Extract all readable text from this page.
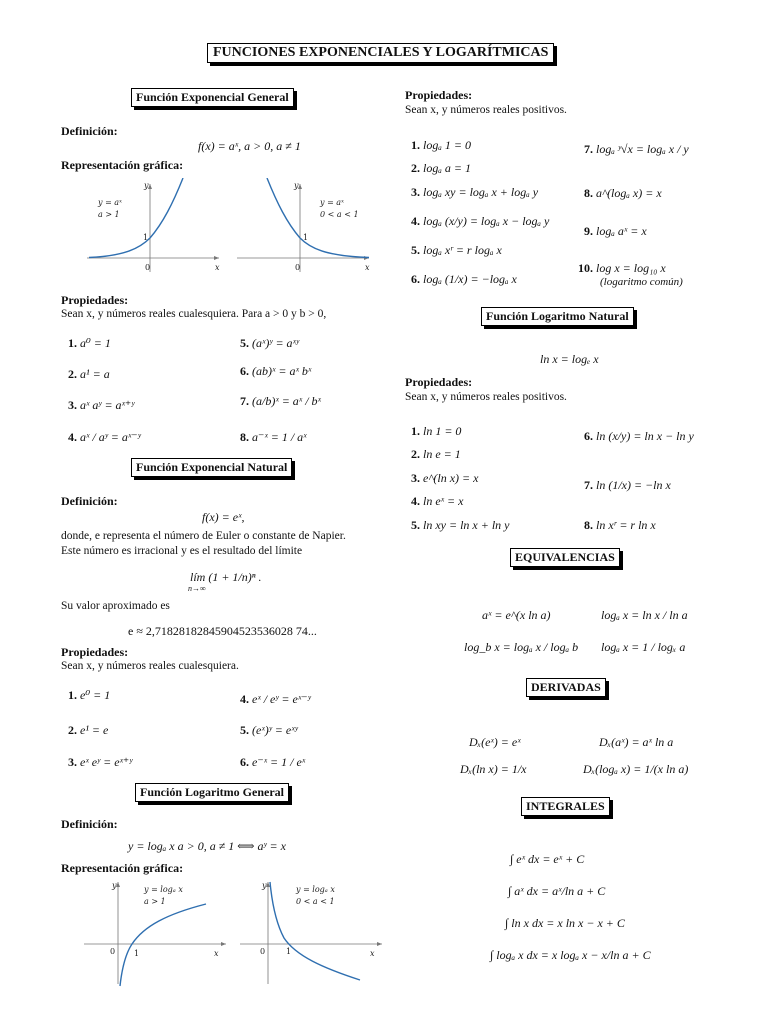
FUNCIONES EXPONENCIALES Y LOGARÍTMICAS
Función Exponencial General
Definición:
f(x) = aˣ, a > 0, a ≠ 1
Representación gráfica:
y = aˣ
a > 1
y
x
0
1
y = aˣ
0 < a < 1
y
x
0
1
Propiedades:
Sean x, y números reales cualesquiera. Para a > 0 y b > 0,
1. a⁰ = 1
2. a¹ = a
3. aˣ aʸ = aˣ⁺ʸ
4. aˣ / aʸ = aˣ⁻ʸ
5. (aˣ)ʸ = aˣʸ
6. (ab)ˣ = aˣ bˣ
7. (a/b)ˣ = aˣ / bˣ
8. a⁻ˣ = 1 / aˣ
Función Exponencial Natural
Definición:
f(x) = eˣ,
donde, e representa el número de Euler o constante de Napier.
Este número es irracional y es el resultado del límite
lím (1 + 1/n)ⁿ .
n→∞
Su valor aproximado es
e ≈ 2,71828182845904523536028 74...
Propiedades:
Sean x, y números reales cualesquiera.
1. e⁰ = 1
2. e¹ = e
3. eˣ eʸ = eˣ⁺ʸ
4. eˣ / eʸ = eˣ⁻ʸ
5. (eˣ)ʸ = eˣʸ
6. e⁻ˣ = 1 / eˣ
Función Logaritmo General
Definición:
y = logₐ x a > 0, a ≠ 1 ⟺ aʸ = x
Representación gráfica:
y = logₐ x
a > 1
y
x
0 1
y = logₐ x
0 < a < 1
y
x
0	1
Propiedades:
Sean x, y números reales positivos.
1. logₐ 1 = 0
2. logₐ a = 1
3. logₐ xy = logₐ x + logₐ y
4. logₐ (x/y) = logₐ x − logₐ y
5. logₐ xʳ = r logₐ x
6. logₐ (1/x) = −logₐ x
7. logₐ ʸ√x = logₐ x / y
8. a^(logₐ x) = x
9. logₐ aˣ = x
10. log x = log₁₀ x
(logaritmo común)
Función Logaritmo Natural
ln x = logₑ x
Propiedades:
Sean x, y números reales positivos.
1. ln 1 = 0
2. ln e = 1
3. e^(ln x) = x
4. ln eˣ = x
5. ln xy = ln x + ln y
6. ln (x/y) = ln x − ln y
7. ln (1/x) = −ln x
8. ln xʳ = r ln x
EQUIVALENCIAS
aˣ = e^(x ln a)	logₐ x = ln x / ln a
log_b x = logₐ x / logₐ b logₐ x = 1 / logₓ a
DERIVADAS
Dₓ(eˣ) = eˣ	Dₓ(aˣ) = aˣ ln a
Dₓ(ln x) = 1/x	Dₓ(logₐ x) = 1/(x ln a)
INTEGRALES
∫ eˣ dx = eˣ + C
∫ aˣ dx = aˣ/ln a + C
∫ ln x dx = x ln x − x + C
∫ logₐ x dx = x logₐ x − x/ln a + C
